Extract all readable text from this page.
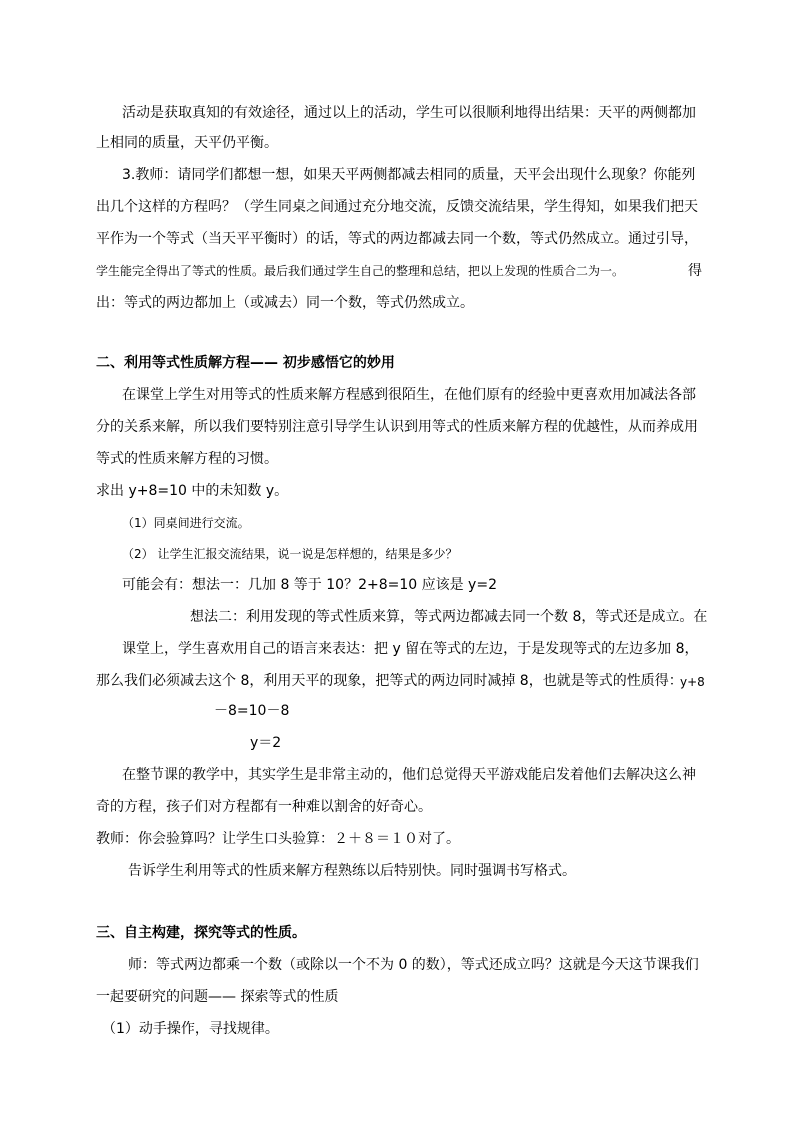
活动是获取真知的有效途径，通过以上的活动，学生可以很顺利地得出结果：天平的两侧都加
上相同的质量，天平仍平衡。
3.教师：请同学们都想一想，如果天平两侧都减去相同的质量，天平会出现什么现象？你能列
出几个这样的方程吗？（学生同桌之间通过充分地交流，反馈交流结果，学生得知，如果我们把天
平作为一个等式（当天平平衡时）的话，等式的两边都减去同一个数，等式仍然成立。通过引导，
学生能完全得出了等式的性质。最后我们通过学生自己的整理和总结，把以上发现的性质合二为一。	得
出：等式的两边都加上（或减去）同一个数，等式仍然成立。
二、利用等式性质解方程—— 初步感悟它的妙用
在课堂上学生对用等式的性质来解方程感到很陌生，在他们原有的经验中更喜欢用加减法各部
分的关系来解，所以我们要特别注意引导学生认识到用等式的性质来解方程的优越性，从而养成用
等式的性质来解方程的习惯。
求出 y+8=10 中的未知数 y。
（1）同桌间进行交流。
（2） 让学生汇报交流结果，说一说是怎样想的，结果是多少？
可能会有：想法一：几加 8 等于 10？2+8=10 应该是 y=2
想法二：利用发现的等式性质来算，等式两边都减去同一个数 8，等式还是成立。在
课堂上，学生喜欢用自己的语言来表达：把 y 留在等式的左边，于是发现等式的左边多加 8，
那么我们必须减去这个 8，利用天平的现象，把等式的两边同时减掉 8，也就是等式的性质得：
y+8
－8=10－8
y＝2
在整节课的教学中，其实学生是非常主动的，他们总觉得天平游戏能启发着他们去解决这么神
奇的方程，孩子们对方程都有一种难以割舍的好奇心。
教师：你会验算吗？让学生口头验算：２＋８＝１０对了。
告诉学生利用等式的性质来解方程熟练以后特别快。同时强调书写格式。
三、自主构建，探究等式的性质。
师：等式两边都乘一个数（或除以一个不为 0 的数），等式还成立吗？这就是今天这节课我们
一起要研究的问题—— 探索等式的性质
（1）动手操作，寻找规律。
